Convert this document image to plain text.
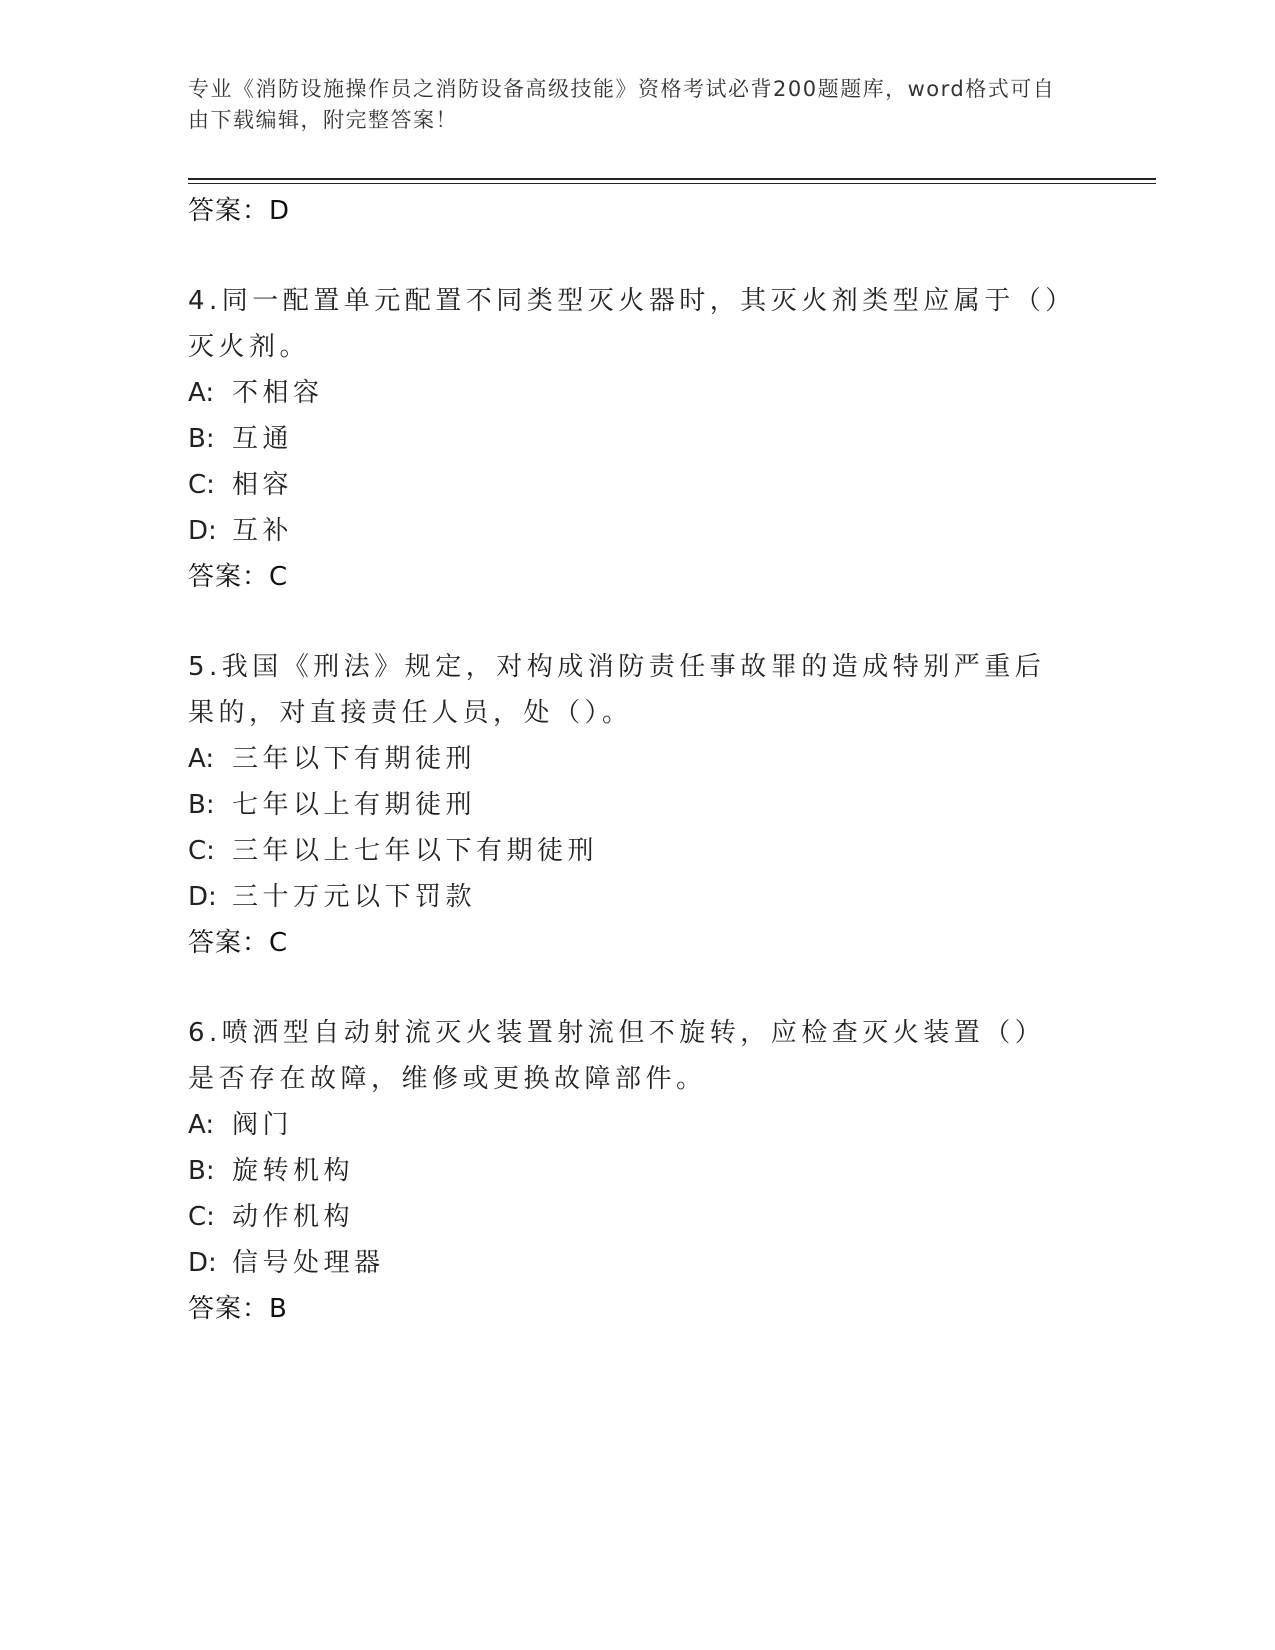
专业《消防设施操作员之消防设备高级技能》资格考试必背200题题库，word格式可自由下载编辑，附完整答案！
答案：D
4.同一配置单元配置不同类型灭火器时，其灭火剂类型应属于（）灭火剂。
A: 不相容
B: 互通
C: 相容
D: 互补
答案：C
5.我国《刑法》规定，对构成消防责任事故罪的造成特别严重后果的，对直接责任人员，处（）。
A: 三年以下有期徒刑
B: 七年以上有期徒刑
C: 三年以上七年以下有期徒刑
D: 三十万元以下罚款
答案：C
6.喷洒型自动射流灭火装置射流但不旋转，应检查灭火装置（）是否存在故障，维修或更换故障部件。
A: 阀门
B: 旋转机构
C: 动作机构
D: 信号处理器
答案：B
